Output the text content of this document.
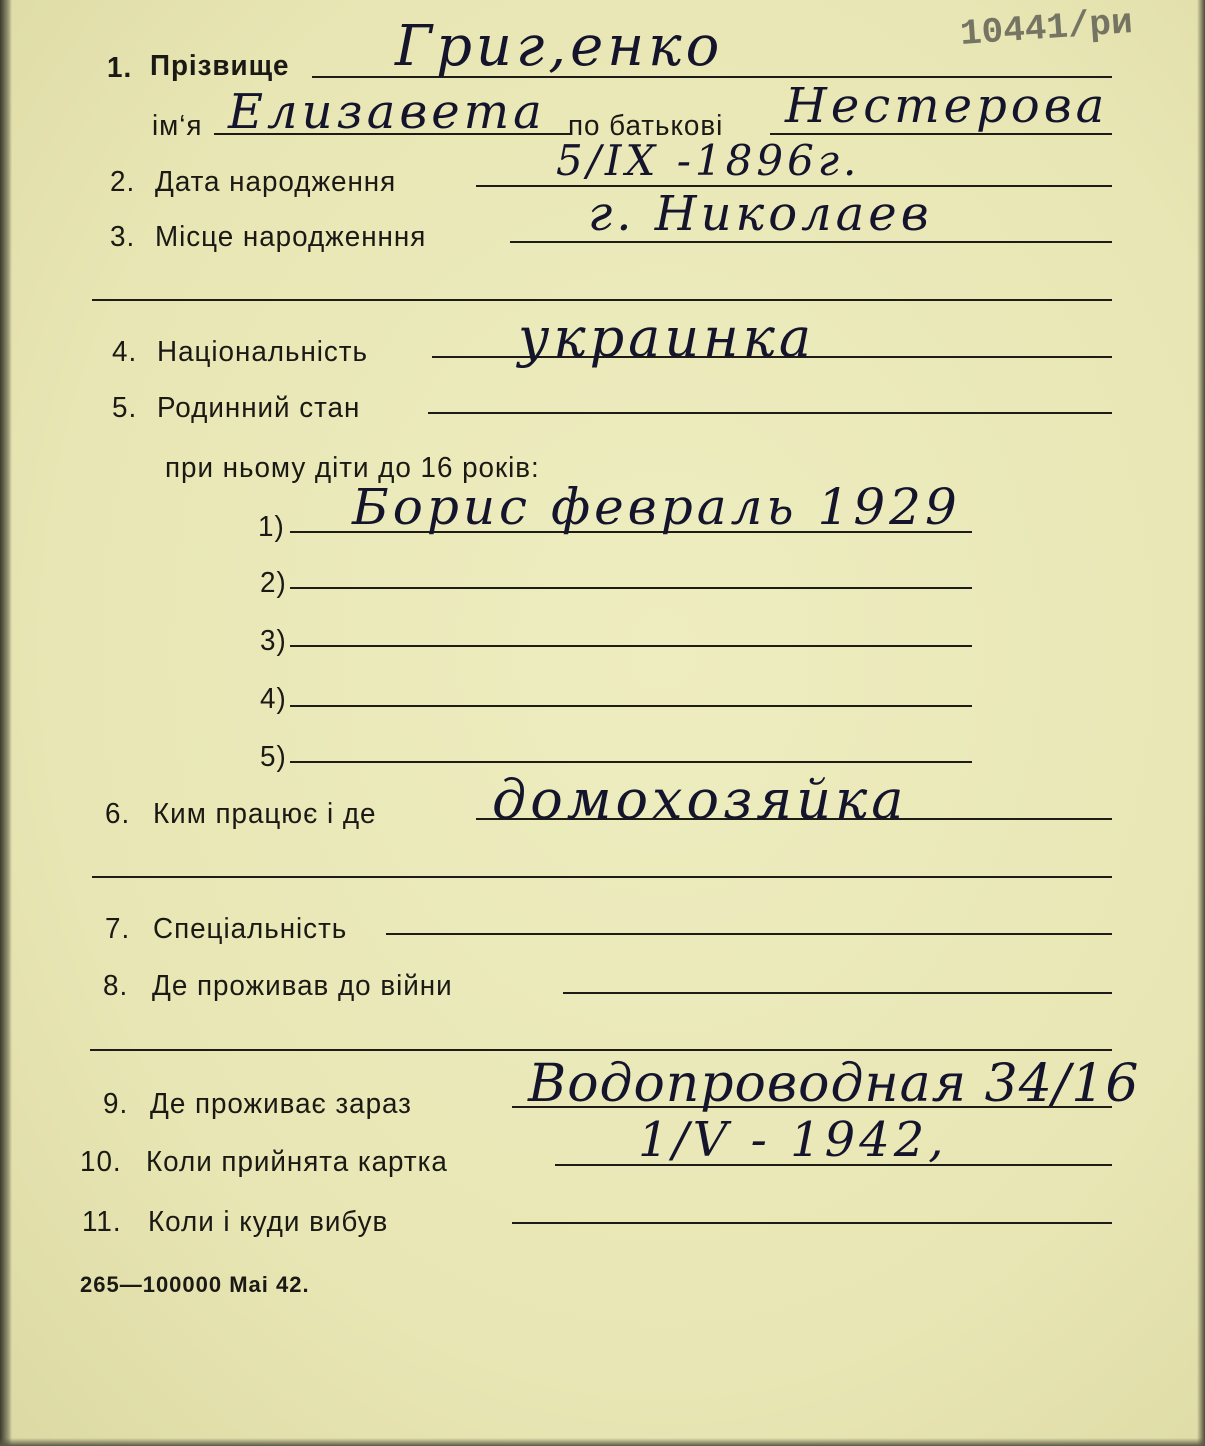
10441/ри
1. Прізвище Григ,енко
ім‘я Елизавета по батькові Нестерова
2. Дата народження	5/IX -1896г.
3. Місце народженння	г. Николаев
4. Національність	украинка
5. Родинний стан
при ньому діти до 16 років:
1) Борис февраль 1929
2)
3)
4)
5)
6. Ким працює і де домохозяйка
7. Спеціальність
8. Де проживав до війни
9. Де проживає зараз Водопроводная 34/16
10. Коли прийнята картка	1/V - 1942,
11. Коли і куди вибув
265—100000 Mai 42.
